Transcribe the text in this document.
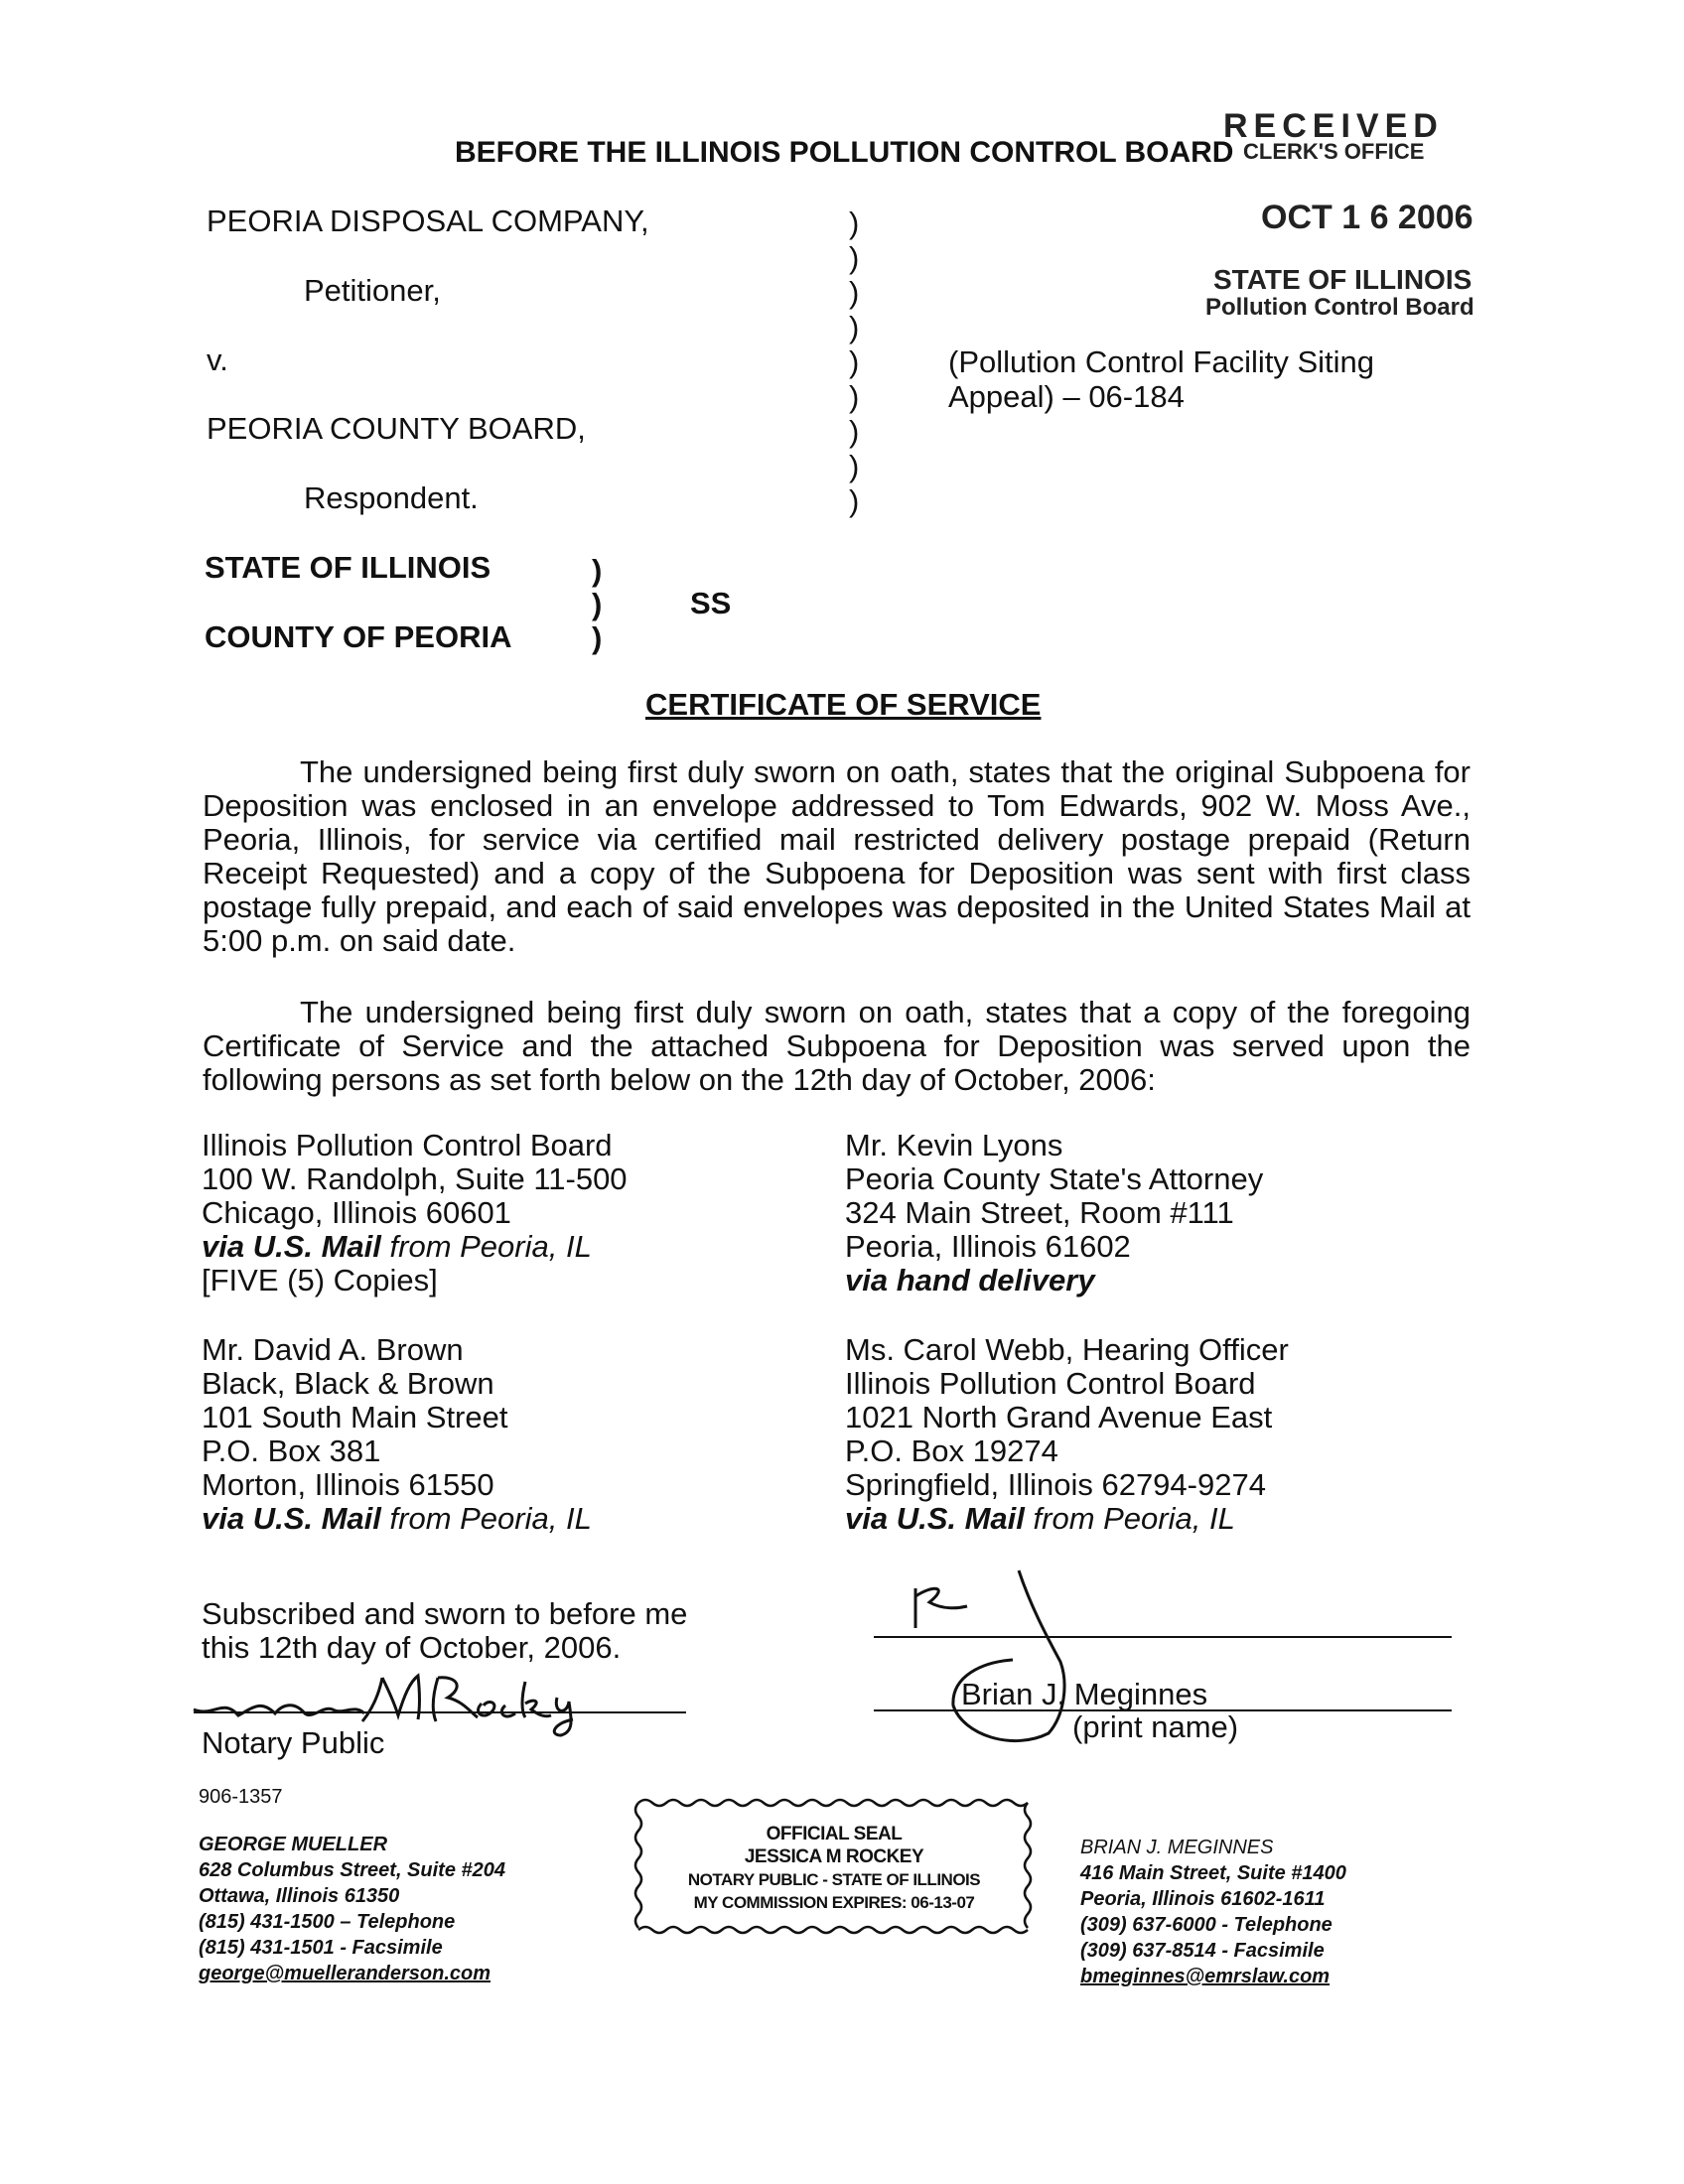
BEFORE THE ILLINOIS POLLUTION CONTROL BOARD
RECEIVED
CLERK'S OFFICE
OCT 1 6 2006
STATE OF ILLINOIS
Pollution Control Board
PEORIA DISPOSAL COMPANY,
Petitioner,
v.
PEORIA COUNTY BOARD,
Respondent.
)
)
)
)
)
)
)
)
)
(Pollution Control Facility Siting
Appeal) – 06-184
STATE OF ILLINOIS
COUNTY OF PEORIA
)
)
)
SS
CERTIFICATE OF SERVICE
The undersigned being first duly sworn on oath, states that the original Subpoena for Deposition was enclosed in an envelope addressed to Tom Edwards, 902 W. Moss Ave., Peoria, Illinois, for service via certified mail restricted delivery postage prepaid (Return Receipt Requested) and a copy of the Subpoena for Deposition was sent with first class postage fully prepaid, and each of said envelopes was deposited in the United States Mail at 5:00 p.m. on said date.
The undersigned being first duly sworn on oath, states that a copy of the foregoing Certificate of Service and the attached Subpoena for Deposition was served upon the following persons as set forth below on the 12th day of October, 2006:
Illinois Pollution Control Board
100 W. Randolph, Suite 11-500
Chicago, Illinois 60601
via U.S. Mail from Peoria, IL
[FIVE (5) Copies]
Mr. Kevin Lyons
Peoria County State's Attorney
324 Main Street, Room #111
Peoria, Illinois 61602
via hand delivery
Mr. David A. Brown
Black, Black & Brown
101 South Main Street
P.O. Box 381
Morton, Illinois 61550
via U.S. Mail from Peoria, IL
Ms. Carol Webb, Hearing Officer
Illinois Pollution Control Board
1021 North Grand Avenue East
P.O. Box 19274
Springfield, Illinois 62794-9274
via U.S. Mail from Peoria, IL
Subscribed and sworn to before me
this 12th day of October, 2006.
Notary Public
Brian J. Meginnes
(print name)
906-1357
GEORGE MUELLER
628 Columbus Street, Suite #204
Ottawa, Illinois 61350
(815) 431-1500 – Telephone
(815) 431-1501 - Facsimile
george@muelleranderson.com
OFFICIAL SEAL
JESSICA M ROCKEY
NOTARY PUBLIC - STATE OF ILLINOIS
MY COMMISSION EXPIRES: 06-13-07
BRIAN J. MEGINNES
416 Main Street, Suite #1400
Peoria, Illinois 61602-1611
(309) 637-6000 - Telephone
(309) 637-8514 - Facsimile
bmeginnes@emrslaw.com
